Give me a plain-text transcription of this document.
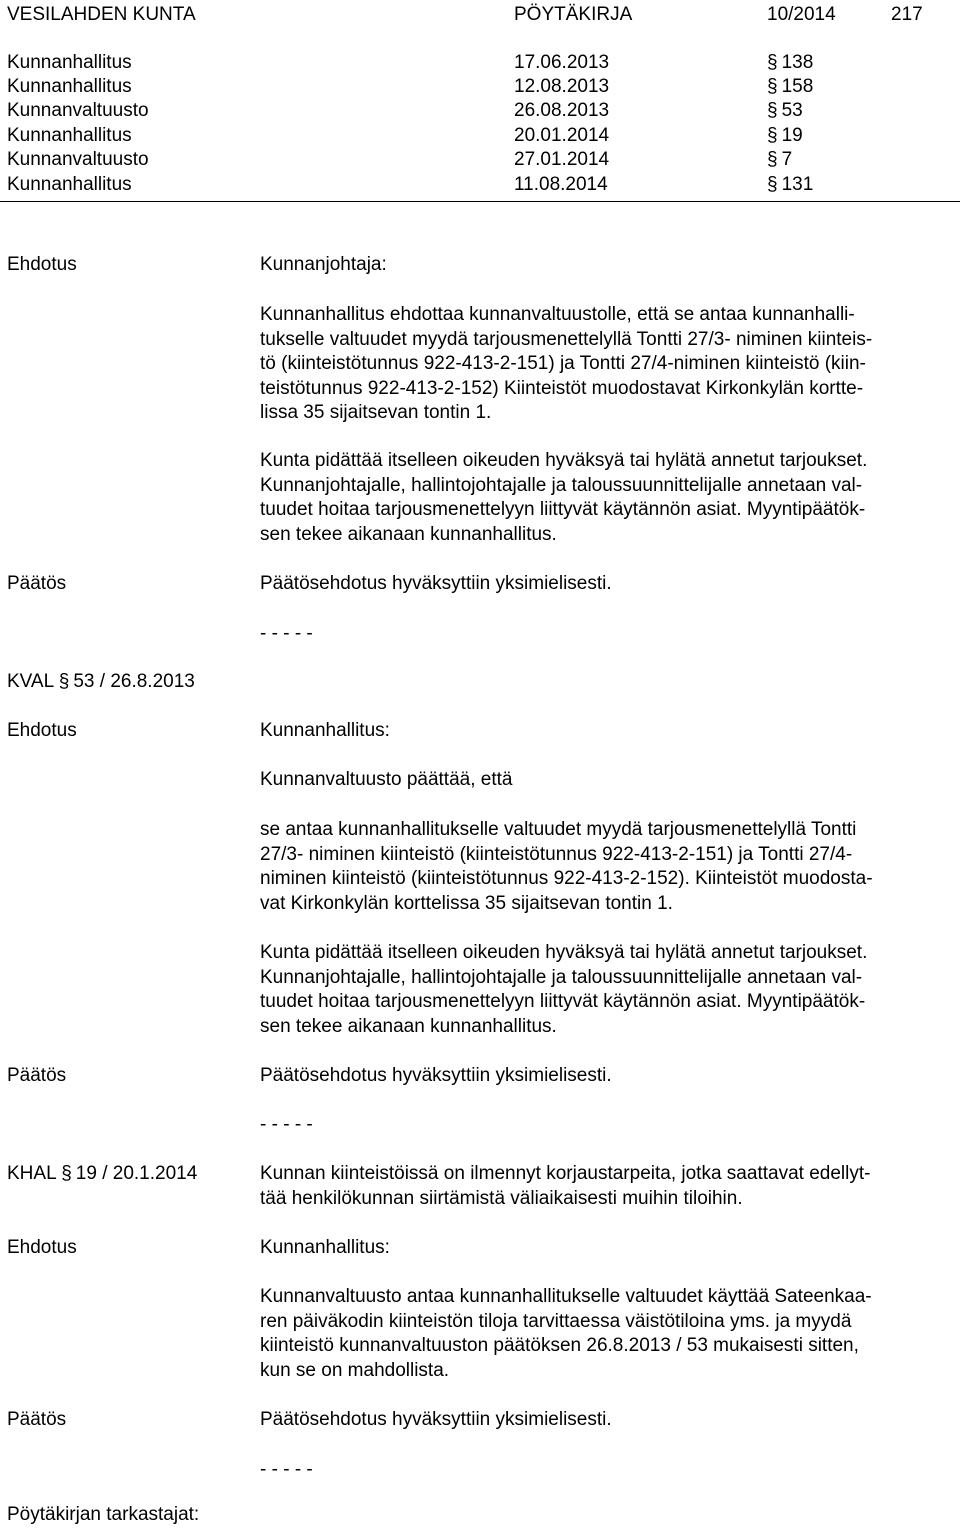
VESILAHDEN KUNTA	PÖYTÄKIRJA	10/2014	217
Kunnanhallitus	17.06.2013 §	138
Kunnanhallitus	12.08.2013 §	158
Kunnanvaltuusto	26.08.2013 §	53
Kunnanhallitus	20.01.2014 §	19
Kunnanvaltuusto	27.01.2014 §	7
Kunnanhallitus	11.08.2014 §	131
Ehdotus	Kunnanjohtaja:
Kunnanhallitus ehdottaa kunnanvaltuustolle, että se antaa kunnanhalli-
tukselle valtuudet myydä tarjousmenettelyllä Tontti 27/3- niminen kiinteis-
tö (kiinteistötunnus 922-413-2-151) ja Tontti 27/4-niminen kiinteistö (kiin-
teistötunnus 922-413-2-152) Kiinteistöt muodostavat Kirkonkylän kortte-
lissa 35 sijaitsevan tontin 1.
Kunta pidättää itselleen oikeuden hyväksyä tai hylätä annetut tarjoukset.
Kunnanjohtajalle, hallintojohtajalle ja taloussuunnittelijalle annetaan val-
tuudet hoitaa tarjousmenettelyyn liittyvät käytännön asiat. Myyntipäätök-
sen tekee aikanaan kunnanhallitus.
Päätös	Päätösehdotus hyväksyttiin yksimielisesti.
- - - - -
KVAL § 53 / 26.8.2013
Ehdotus	Kunnanhallitus:
Kunnanvaltuusto päättää, että
se antaa kunnanhallitukselle valtuudet myydä tarjousmenettelyllä Tontti
27/3- niminen kiinteistö (kiinteistötunnus 922-413-2-151) ja Tontti 27/4-
niminen kiinteistö (kiinteistötunnus 922-413-2-152). Kiinteistöt muodosta-
vat Kirkonkylän korttelissa 35 sijaitsevan tontin 1.
Kunta pidättää itselleen oikeuden hyväksyä tai hylätä annetut tarjoukset.
Kunnanjohtajalle, hallintojohtajalle ja taloussuunnittelijalle annetaan val-
tuudet hoitaa tarjousmenettelyyn liittyvät käytännön asiat. Myyntipäätök-
sen tekee aikanaan kunnanhallitus.
Päätös	Päätösehdotus hyväksyttiin yksimielisesti.
- - - - -
KHAL § 19 / 20.1.2014	Kunnan kiinteistöissä on ilmennyt korjaustarpeita, jotka saattavat edellyt-
tää henkilökunnan siirtämistä väliaikaisesti muihin tiloihin.
Ehdotus	Kunnanhallitus:
Kunnanvaltuusto antaa kunnanhallitukselle valtuudet käyttää Sateenkaa-
ren päiväkodin kiinteistön tiloja tarvittaessa väistötiloina yms. ja myydä
kiinteistö kunnanvaltuuston päätöksen 26.8.2013 / 53 mukaisesti sitten,
kun se on mahdollista.
Päätös	Päätösehdotus hyväksyttiin yksimielisesti.
- - - - -
Pöytäkirjan tarkastajat:
